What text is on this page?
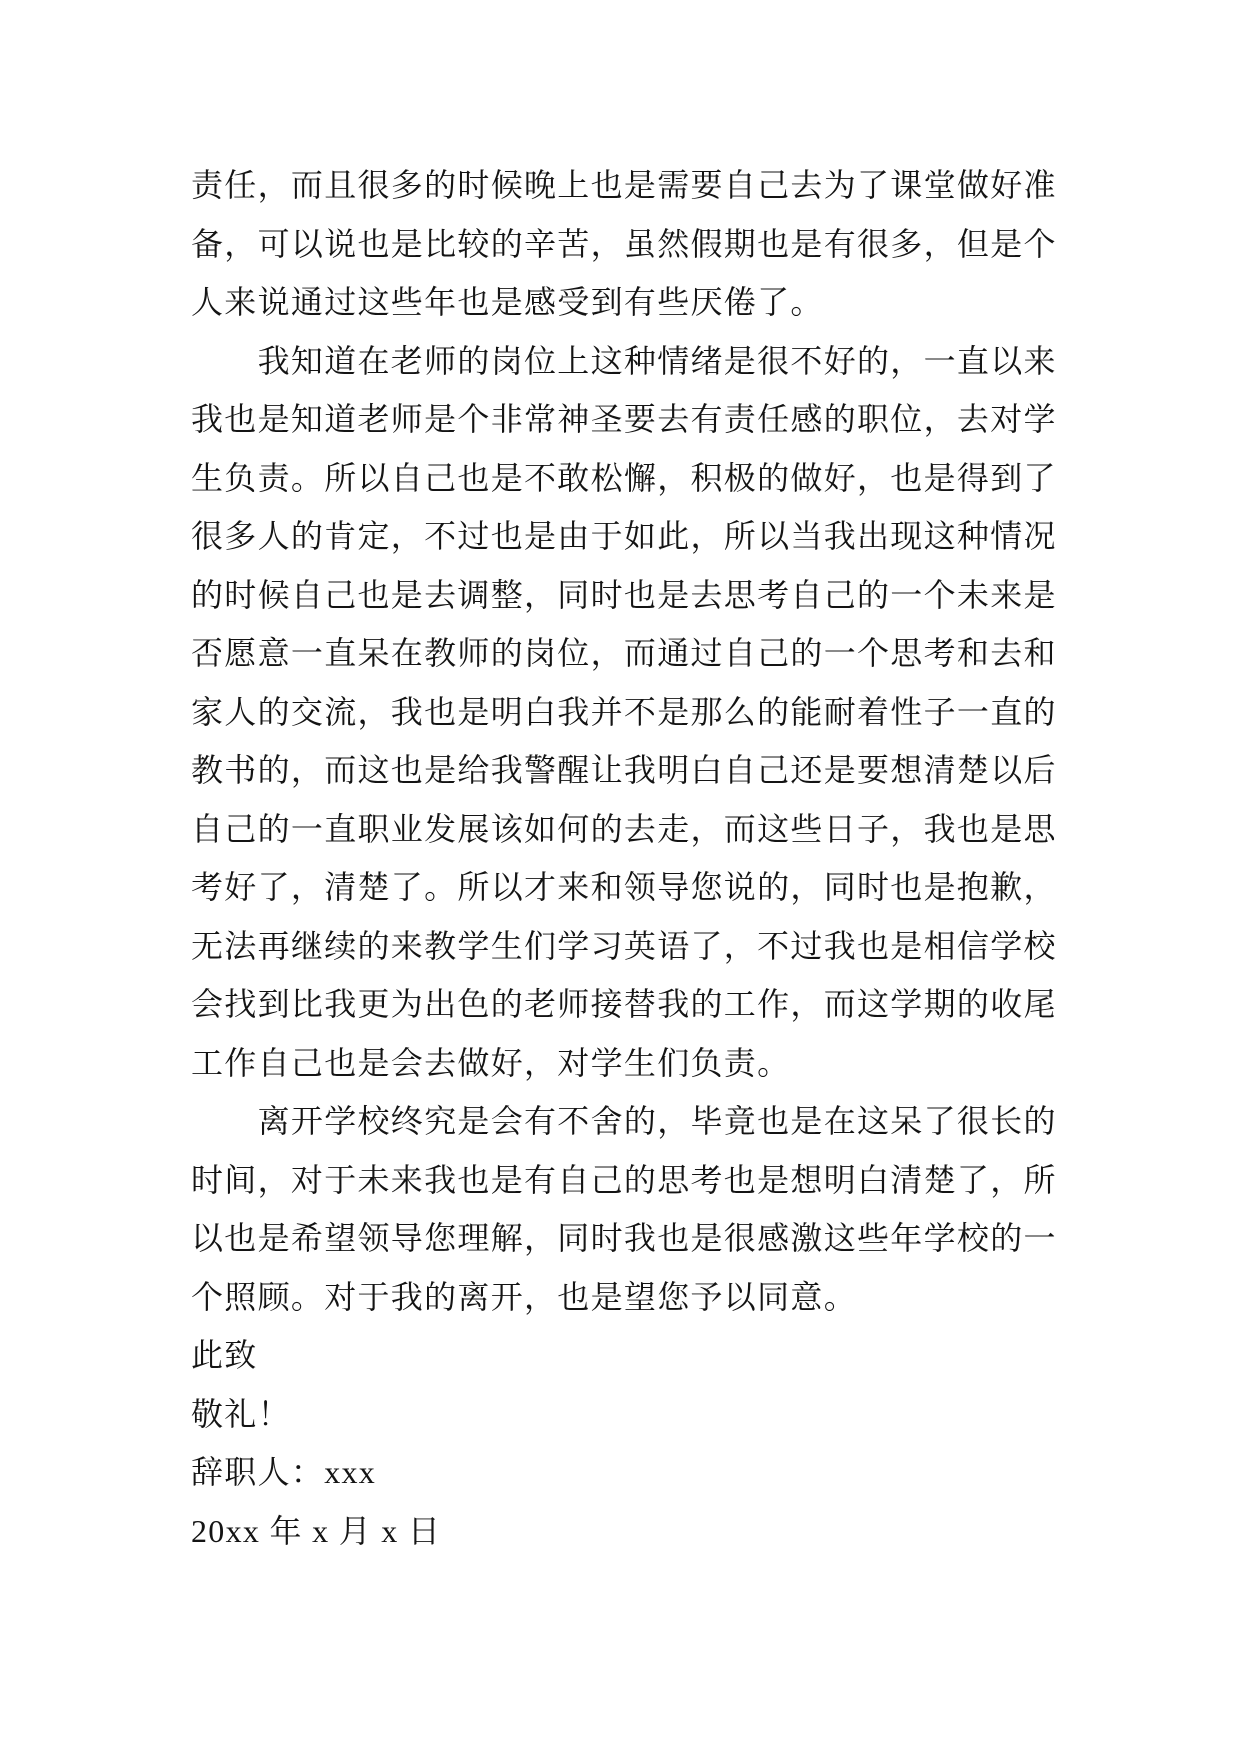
责任，而且很多的时候晚上也是需要自己去为了课堂做好准
备，可以说也是比较的辛苦，虽然假期也是有很多，但是个
人来说通过这些年也是感受到有些厌倦了。
我知道在老师的岗位上这种情绪是很不好的，一直以来
我也是知道老师是个非常神圣要去有责任感的职位，去对学
生负责。所以自己也是不敢松懈，积极的做好，也是得到了
很多人的肯定，不过也是由于如此，所以当我出现这种情况
的时候自己也是去调整，同时也是去思考自己的一个未来是
否愿意一直呆在教师的岗位，而通过自己的一个思考和去和
家人的交流，我也是明白我并不是那么的能耐着性子一直的
教书的，而这也是给我警醒让我明白自己还是要想清楚以后
自己的一直职业发展该如何的去走，而这些日子，我也是思
考好了，清楚了。所以才来和领导您说的，同时也是抱歉，
无法再继续的来教学生们学习英语了，不过我也是相信学校
会找到比我更为出色的老师接替我的工作，而这学期的收尾
工作自己也是会去做好，对学生们负责。
离开学校终究是会有不舍的，毕竟也是在这呆了很长的
时间，对于未来我也是有自己的思考也是想明白清楚了，所
以也是希望领导您理解，同时我也是很感激这些年学校的一
个照顾。对于我的离开，也是望您予以同意。
此致
敬礼！
辞职人：xxx
20xx 年 x 月 x 日
